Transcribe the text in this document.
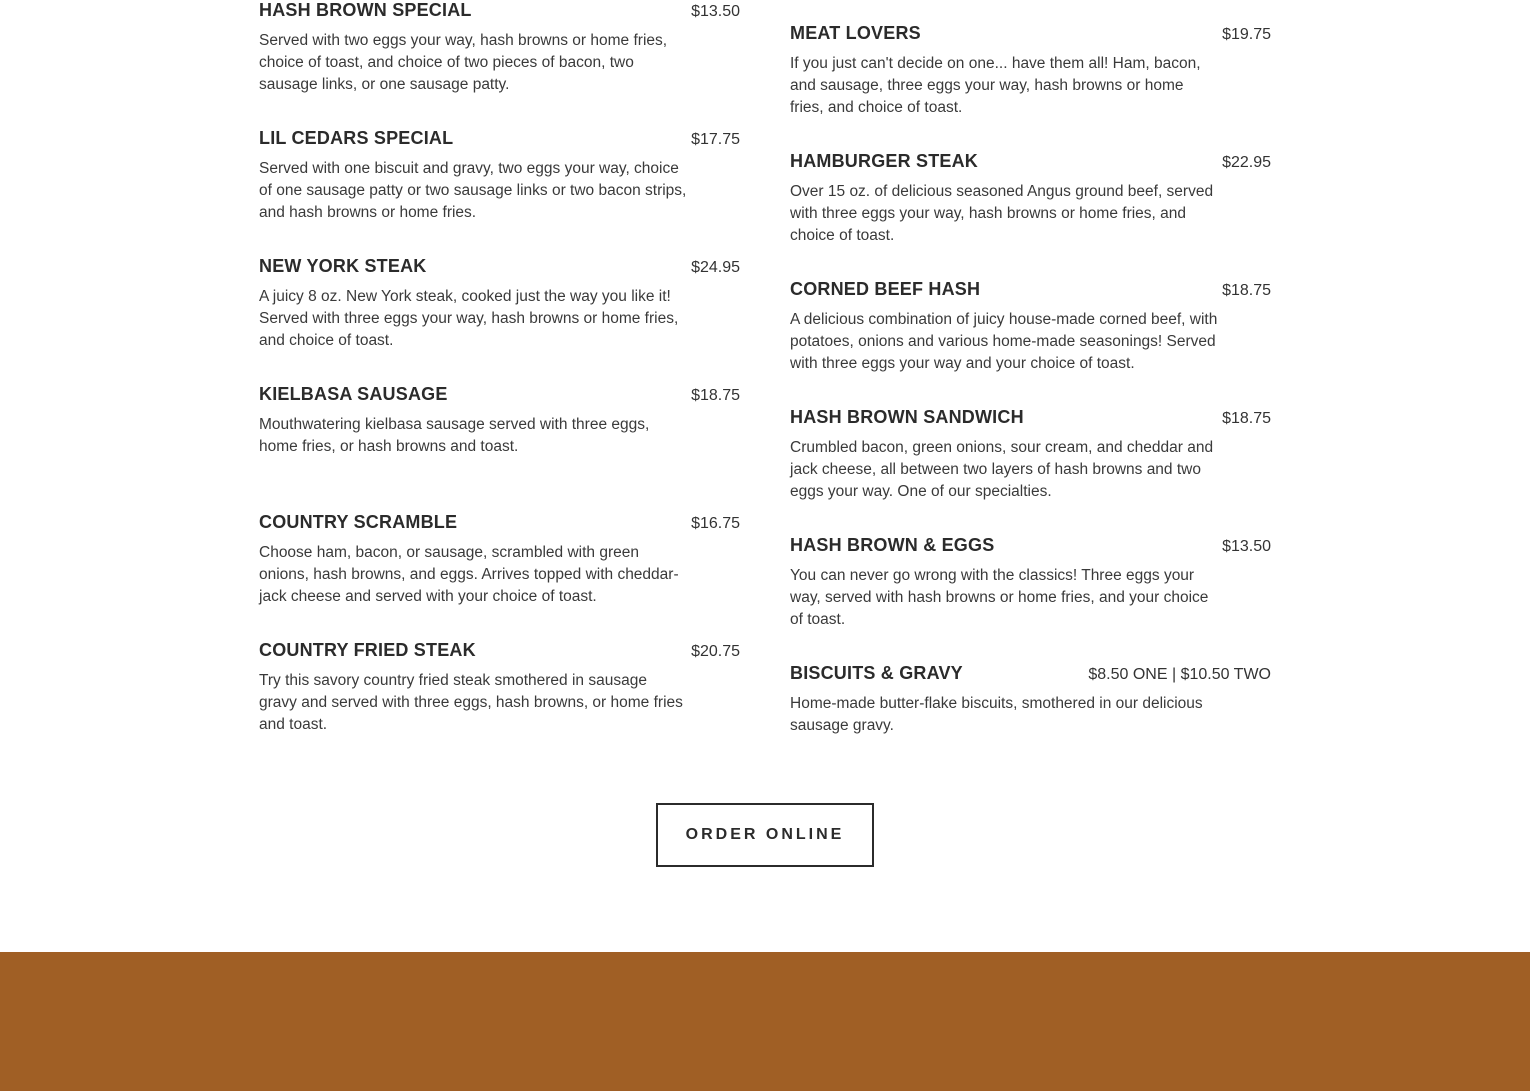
HASH BROWN SPECIAL	$13.50
Served with two eggs your way, hash browns or home fries, choice of toast, and choice of two pieces of bacon, two sausage links, or one sausage patty.
LIL CEDARS SPECIAL	$17.75
Served with one biscuit and gravy, two eggs your way, choice of one sausage patty or two sausage links or two bacon strips, and hash browns or home fries.
NEW YORK STEAK	$24.95
A juicy 8 oz. New York steak, cooked just the way you like it! Served with three eggs your way, hash browns or home fries, and choice of toast.
KIELBASA SAUSAGE	$18.75
Mouthwatering kielbasa sausage served with three eggs, home fries, or hash browns and toast.
COUNTRY SCRAMBLE	$16.75
Choose ham, bacon, or sausage, scrambled with green onions, hash browns, and eggs. Arrives topped with cheddar-jack cheese and served with your choice of toast.
COUNTRY FRIED STEAK	$20.75
Try this savory country fried steak smothered in sausage gravy and served with three eggs, hash browns, or home fries and toast.
MEAT LOVERS	$19.75
If you just can't decide on one... have them all! Ham, bacon, and sausage, three eggs your way, hash browns or home fries, and choice of toast.
HAMBURGER STEAK	$22.95
Over 15 oz. of delicious seasoned Angus ground beef, served with three eggs your way, hash browns or home fries, and choice of toast.
CORNED BEEF HASH	$18.75
A delicious combination of juicy house-made corned beef, with potatoes, onions and various home-made seasonings! Served with three eggs your way and your choice of toast.
HASH BROWN SANDWICH	$18.75
Crumbled bacon, green onions, sour cream, and cheddar and jack cheese, all between two layers of hash browns and two eggs your way. One of our specialties.
HASH BROWN & EGGS	$13.50
You can never go wrong with the classics! Three eggs your way, served with hash browns or home fries, and your choice of toast.
BISCUITS & GRAVY	$8.50 ONE | $10.50 TWO
Home-made butter-flake biscuits, smothered in our delicious sausage gravy.
ORDER ONLINE
